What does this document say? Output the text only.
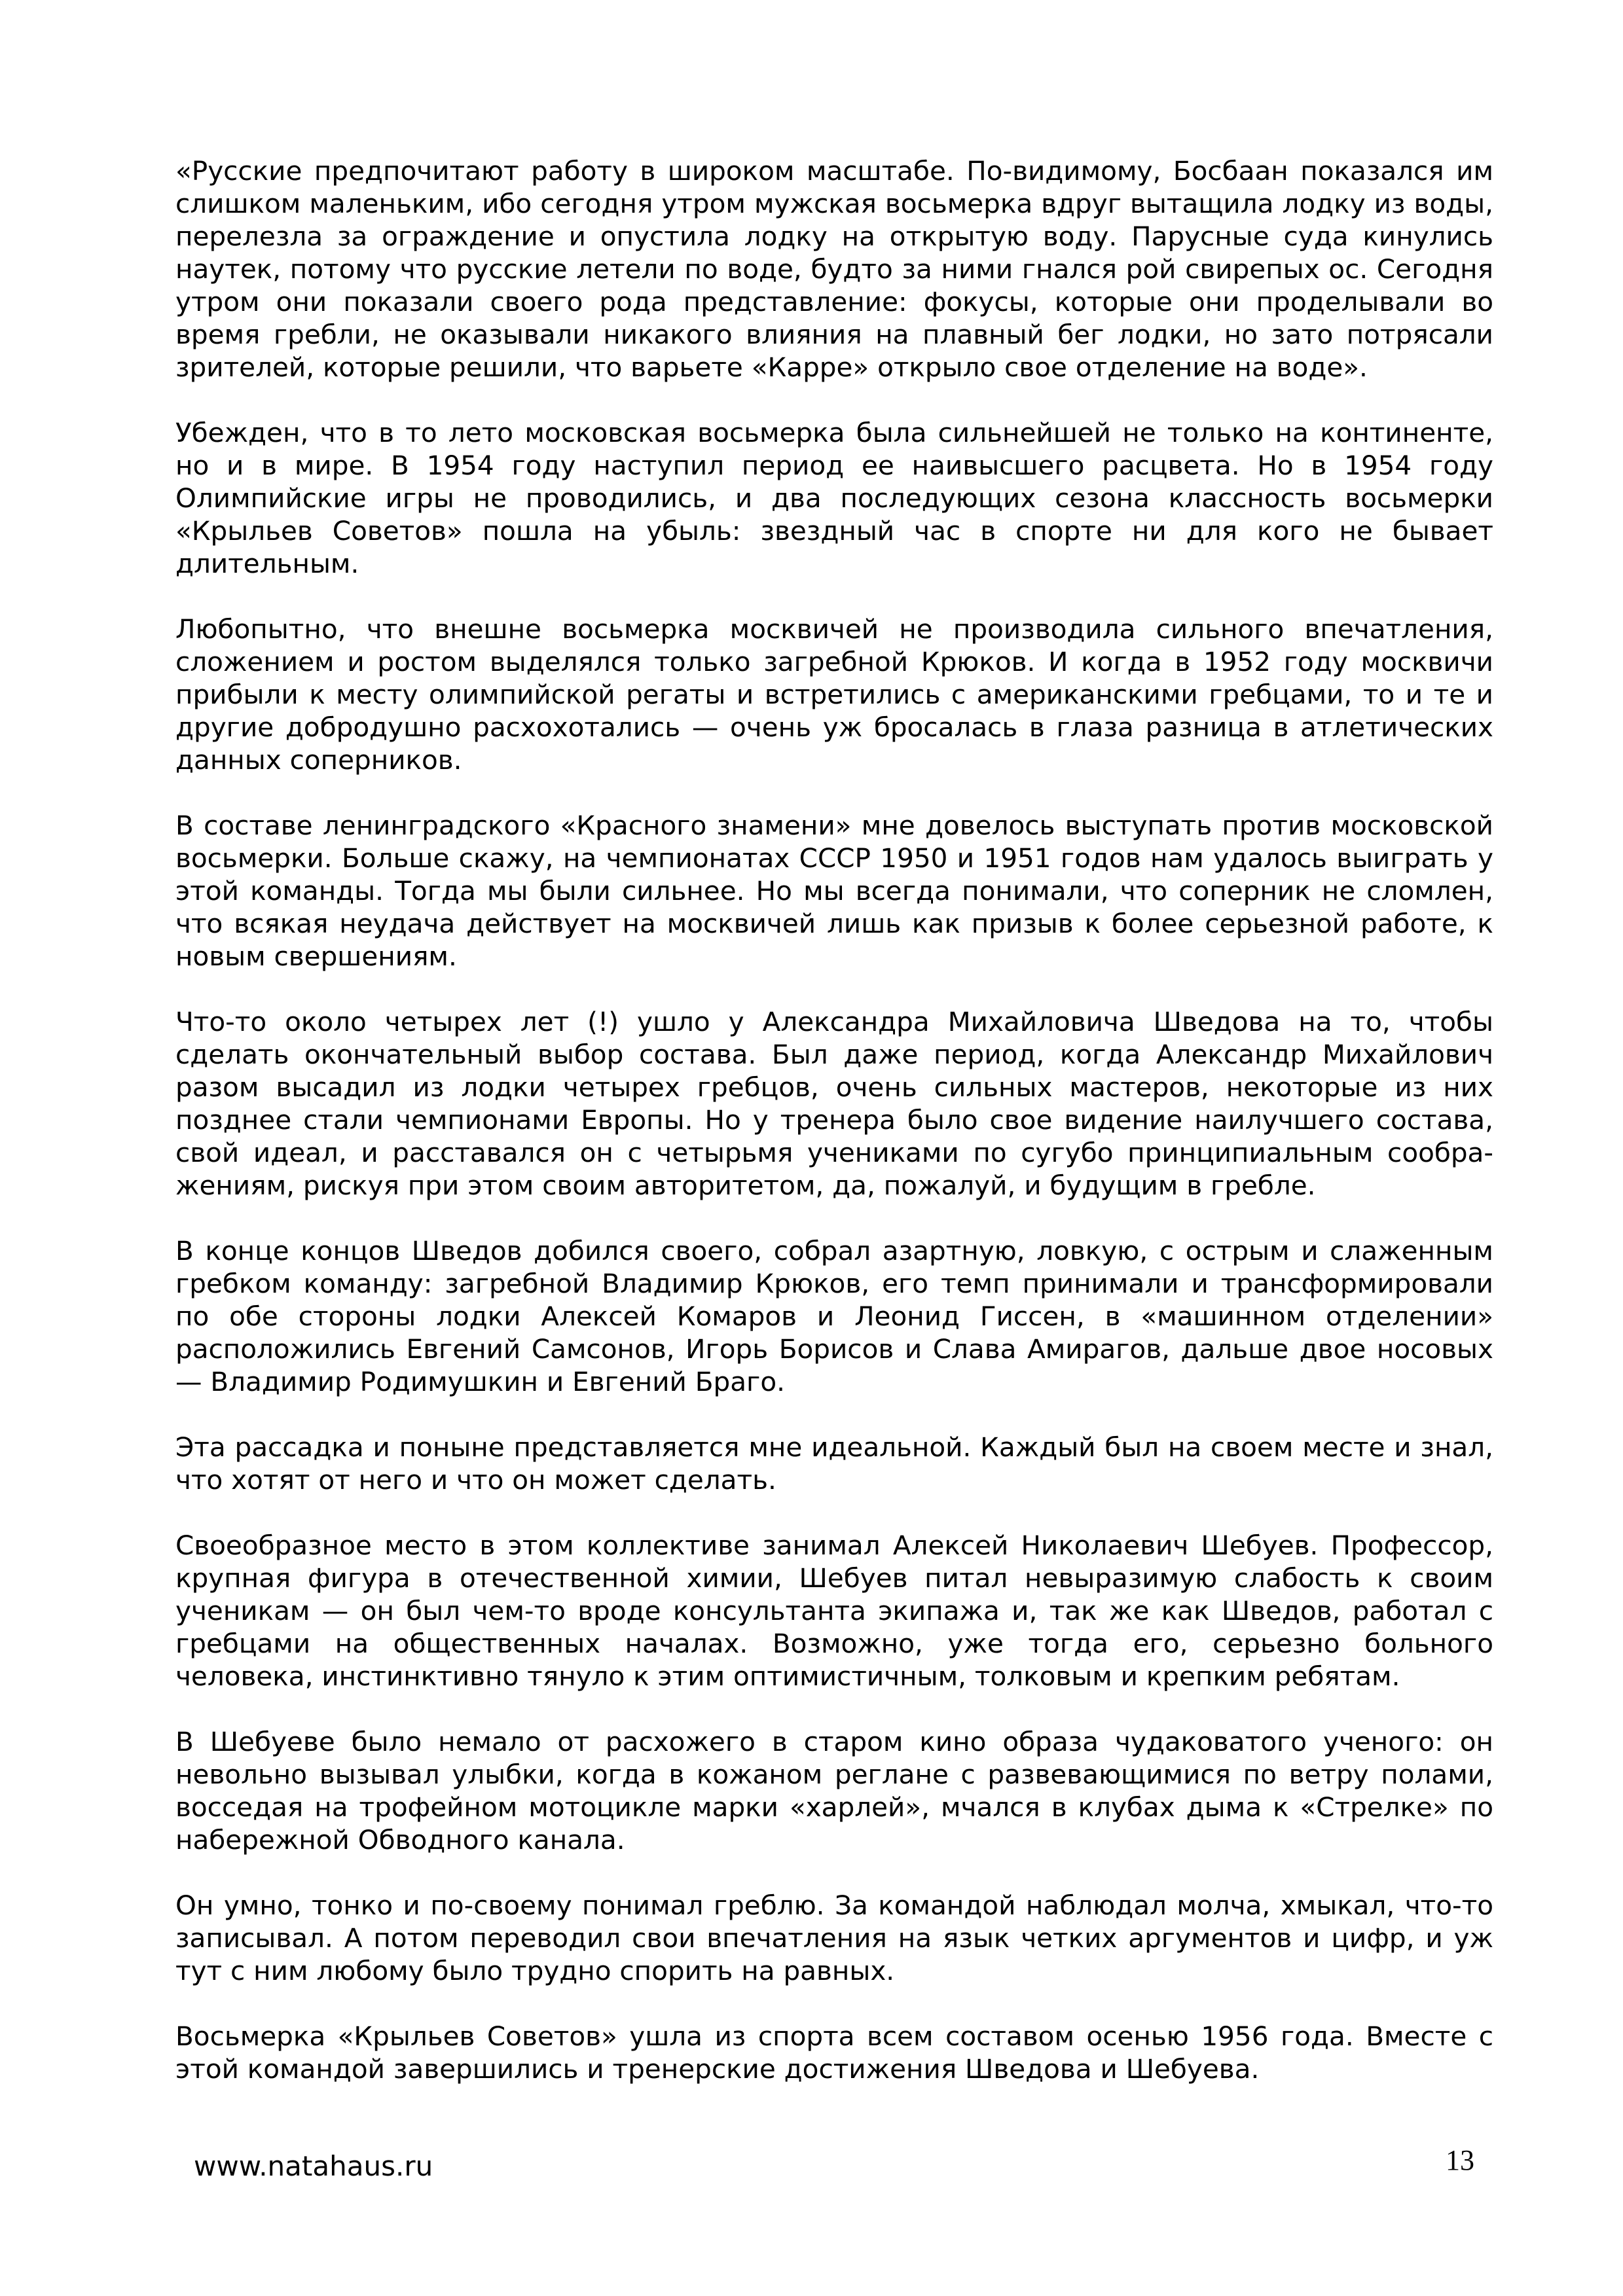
«Русские предпочитают работу в широком масштабе. По-видимому, Босбаан показался им слишком маленьким, ибо сегодня утром мужская восьмерка вдруг вытащила лодку из воды, перелезла за ограждение и опустила лодку на открытую воду. Парусные суда кинулись наутек, потому что русские летели по воде, будто за ними гнался рой свирепых ос. Сегодня утром они показали своего рода представление: фокусы, которые они проделывали во время гребли, не оказывали никакого влияния на плавный бег лодки, но зато потрясали зрителей, которые решили, что варьете «Карре» открыло свое отделение на воде».

Убежден, что в то лето московская восьмерка была сильнейшей не только на континенте, но и в мире. В 1954 году наступил период ее наивысшего расцвета. Но в 1954 году Олимпийские игры не проводились, и два последующих сезона классность восьмерки «Крыльев Советов» пошла на убыль: звездный час в спорте ни для кого не бывает длительным.

Любопытно, что внешне восьмерка москвичей не производила сильного впечатления, сложением и ростом выделялся только загребной Крюков. И когда в 1952 году москвичи прибыли к месту олимпийской регаты и встретились с американскими гребцами, то и те и другие добродушно расхохотались — очень уж бросалась в глаза разница в атлетических данных соперников.

В составе ленинградского «Красного знамени» мне довелось выступать против московской восьмерки. Больше скажу, на чемпионатах СССР 1950 и 1951 годов нам удалось выиграть у этой команды. Тогда мы были сильнее. Но мы всегда понимали, что соперник не сломлен, что всякая неудача действует на москвичей лишь как призыв к более серьезной работе, к новым свершениям.

Что-то около четырех лет (!) ушло у Александра Михайловича Шведова на то, чтобы сделать окончательный выбор состава. Был даже период, когда Александр Михайлович разом высадил из лодки четырех гребцов, очень сильных мастеров, некоторые из них позднее стали чемпионами Европы. Но у тренера было свое видение наилучшего состава, свой идеал, и расставался он с четырьмя учениками по сугубо принципиальным сообра-жениям, рискуя при этом своим авторитетом, да, пожалуй, и будущим в гребле.

В конце концов Шведов добился своего, собрал азартную, ловкую, с острым и слаженным гребком команду: загребной Владимир Крюков, его темп принимали и трансформировали по обе стороны лодки Алексей Комаров и Леонид Гиссен, в «машинном отделении» расположились Евгений Самсонов, Игорь Борисов и Слава Амирагов, дальше двое носовых — Владимир Родимушкин и Евгений Браго.

Эта рассадка и поныне представляется мне идеальной. Каждый был на своем месте и знал, что хотят от него и что он может сделать.

Своеобразное место в этом коллективе занимал Алексей Николаевич Шебуев. Профессор, крупная фигура в отечественной химии, Шебуев питал невыразимую слабость к своим ученикам — он был чем-то вроде консультанта экипажа и, так же как Шведов, работал с гребцами на общественных началах. Возможно, уже тогда его, серьезно больного человека, инстинктивно тянуло к этим оптимистичным, толковым и крепким ребятам.

В Шебуеве было немало от расхожего в старом кино образа чудаковатого ученого: он невольно вызывал улыбки, когда в кожаном реглане с развевающимися по ветру полами, восседая на трофейном мотоцикле марки «харлей», мчался в клубах дыма к «Стрелке» по набережной Обводного канала.

Он умно, тонко и по-своему понимал греблю. За командой наблюдал молча, хмыкал, что-то записывал. А потом переводил свои впечатления на язык четких аргументов и цифр, и уж тут с ним любому было трудно спорить на равных.

Восьмерка «Крыльев Советов» ушла из спорта всем составом осенью 1956 года. Вместе с этой командой завершились и тренерские достижения Шведова и Шебуева.

www.natahaus.ru	13
